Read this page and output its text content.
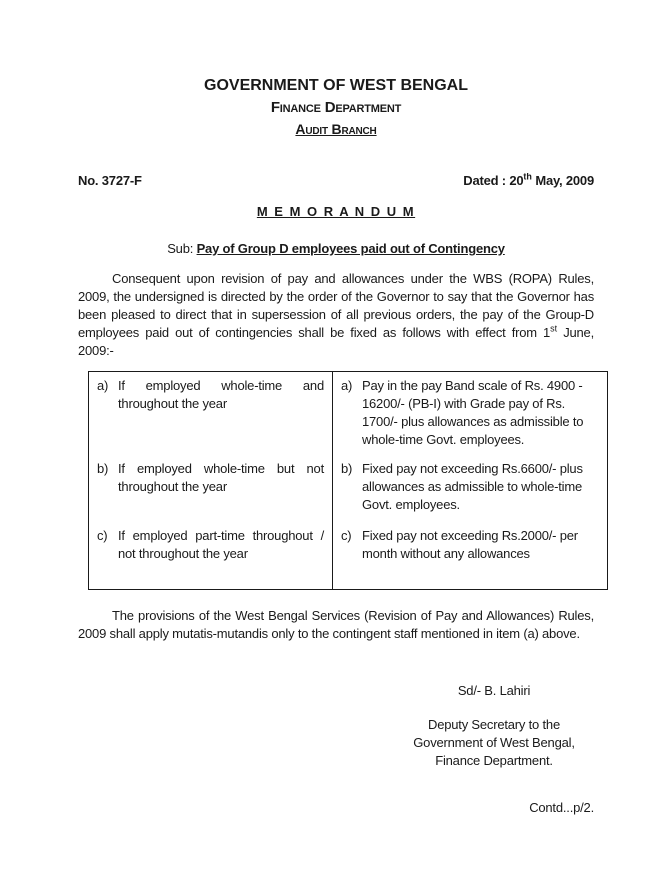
GOVERNMENT OF WEST BENGAL
Finance Department
Audit Branch
No. 3727-F	Dated : 20th May, 2009
M E M O R A N D U M
Sub: Pay of Group D employees paid out of Contingency
Consequent upon revision of pay and allowances under the WBS (ROPA) Rules, 2009, the undersigned is directed by the order of the Governor to say that the Governor has been pleased to direct that in supersession of all previous orders, the pay of the Group-D employees paid out of contingencies shall be fixed as follows with effect from 1st June, 2009:-
a) If employed whole-time and throughout the year	a) Pay in the pay Band scale of Rs. 4900 - 16200/- (PB-I) with Grade pay of Rs. 1700/- plus allowances as admissible to whole-time Govt. employees.

b) If employed whole-time but not throughout the year	b) Fixed pay not exceeding Rs.6600/- plus allowances as admissible to whole-time Govt. employees.

c) If employed part-time throughout / not throughout the year	c) Fixed pay not exceeding Rs.2000/- per month without any allowances
The provisions of the West Bengal Services (Revision of Pay and Allowances) Rules, 2009 shall apply mutatis-mutandis only to the contingent staff mentioned in item (a) above.
Sd/- B. Lahiri
Deputy Secretary to the
Government of West Bengal,
Finance Department.
Contd...p/2.
